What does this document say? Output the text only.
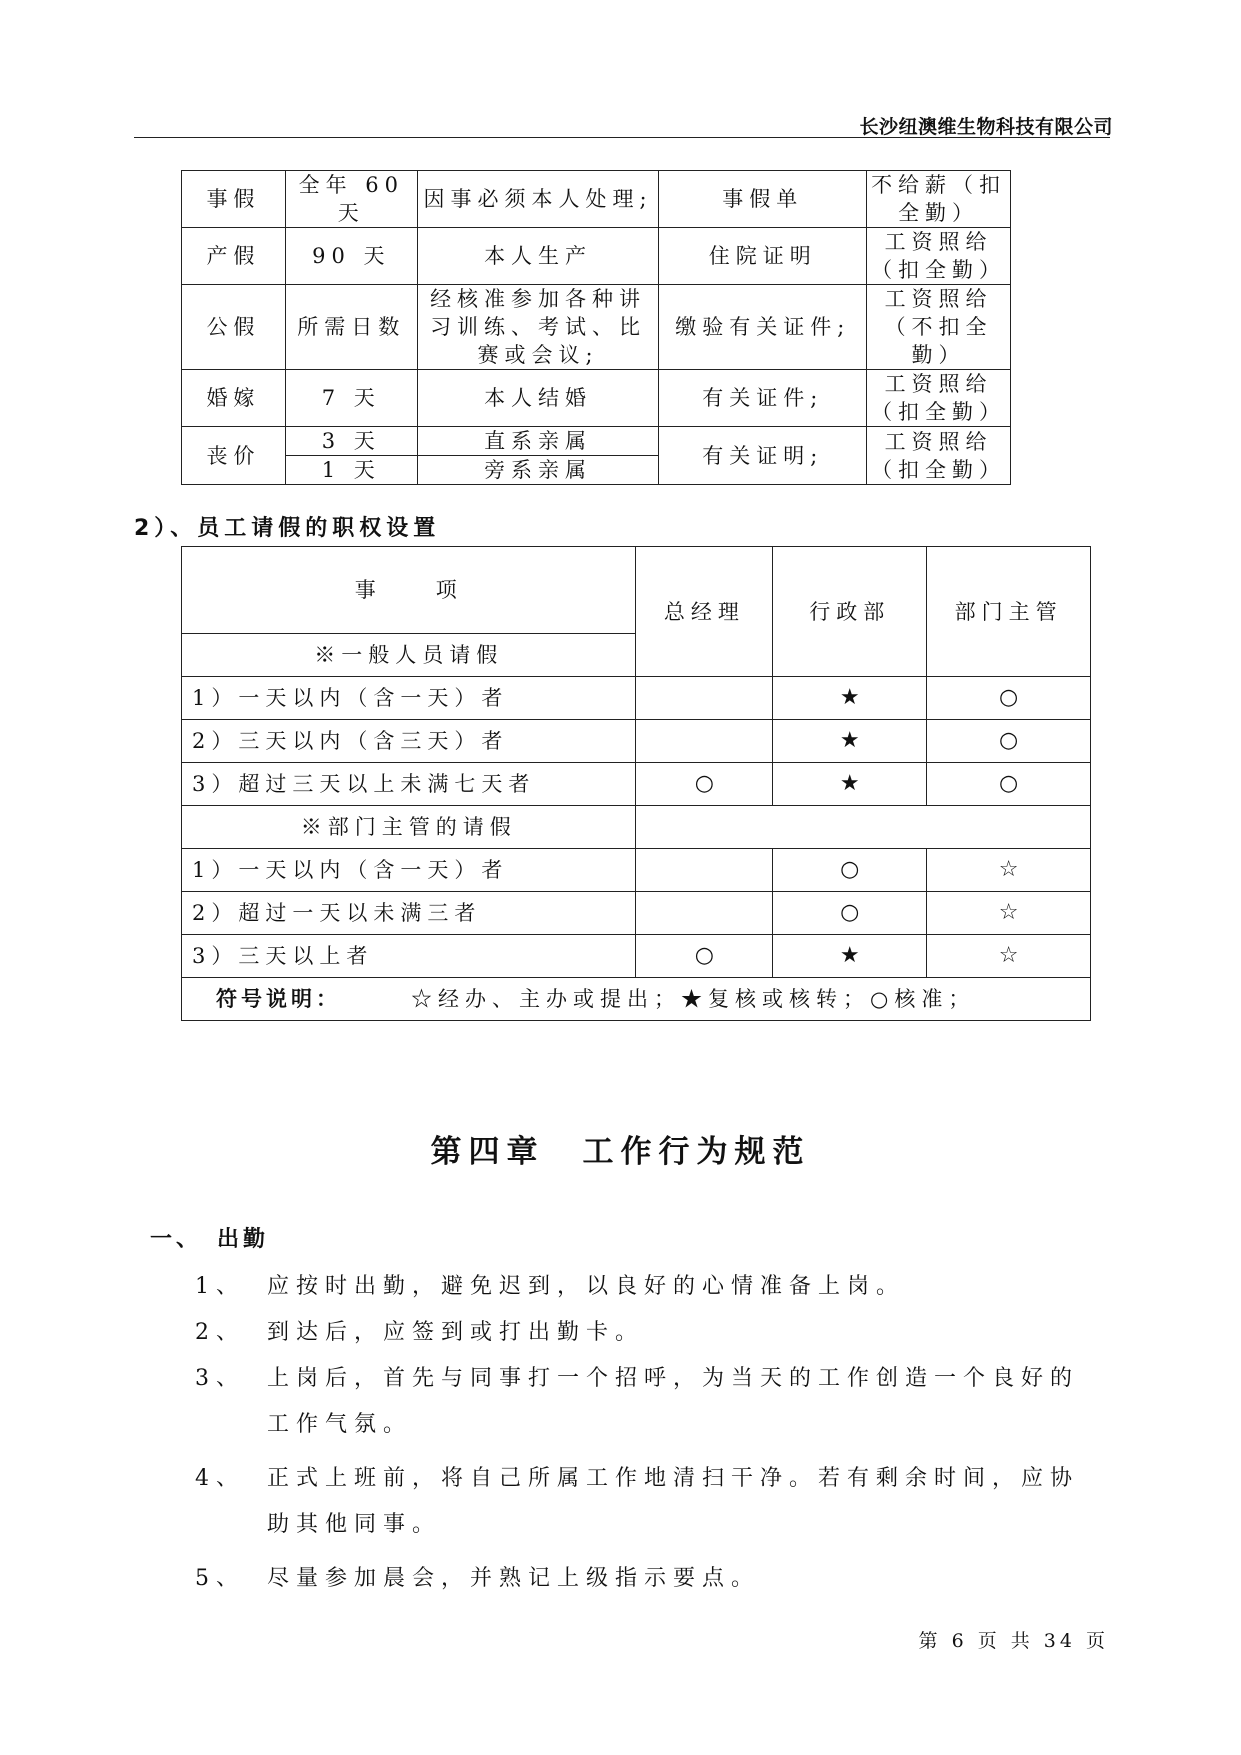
长沙纽澳维生物科技有限公司
事假	全年 60 天	因事必须本人处理;	事假单	不给薪（扣全勤）
产假	90 天	本人生产	住院证明	工资照给（扣全勤）
公假	所需日数	经核准参加各种讲习训练、考试、比赛或会议;	缴验有关证件;	工资照给（不扣全勤）
婚嫁	7 天	本人结婚	有关证件;	工资照给（扣全勤）
丧价	3 天	直系亲属	有关证明;	工资照给（扣全勤）
	1 天	旁系亲属		
2）、员工请假的职权设置
事　　项	总经理	行政部	部门主管
※一般人员请假			
1）一天以内（含一天）者		★	○
2）三天以内（含三天）者		★	○
3）超过三天以上未满七天者	○	★	○
※部门主管的请假			
1）一天以内（含一天）者		○	☆
2）超过一天以未满三者		○	☆
3）三天以上者	○	★	☆
符号说明： ☆经办、主办或提出；★复核或核转；○核准；			
第四章　工作行为规范
一、　出勤
1、	应按时出勤，避免迟到，以良好的心情准备上岗。
2、	到达后，应签到或打出勤卡。
3、	上岗后，首先与同事打一个招呼，为当天的工作创造一个良好的工作气氛。
4、	正式上班前，将自己所属工作地清扫干净。若有剩余时间，应协助其他同事。
5、	尽量参加晨会，并熟记上级指示要点。
第 6 页 共 34 页
